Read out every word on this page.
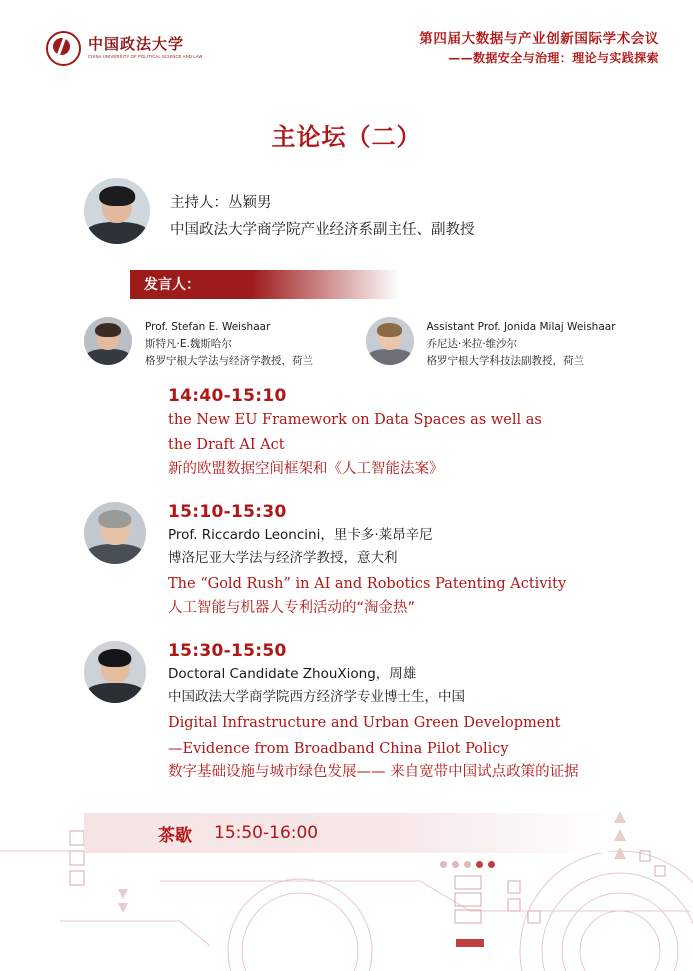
中国政法大学
CHINA UNIVERSITY OF POLITICAL SCIENCE AND LAW
第四届大数据与产业创新国际学术会议
——数据安全与治理：理论与实践探索
主论坛（二）
主持人：丛颖男
中国政法大学商学院产业经济系副主任、副教授
发言人：
Prof. Stefan E. Weishaar
斯特凡·E.魏斯哈尔
格罗宁根大学法与经济学教授，荷兰
Assistant Prof. Jonida Milaj Weishaar
乔尼达·米拉·维沙尔
格罗宁根大学科技法副教授，荷兰
14:40-15:10
the New EU Framework on Data Spaces as well as
the Draft AI Act
新的欧盟数据空间框架和《人工智能法案》
15:10-15:30
Prof. Riccardo Leoncini，里卡多·莱昂辛尼
博洛尼亚大学法与经济学教授，意大利
The “Gold Rush” in AI and Robotics Patenting Activity
人工智能与机器人专利活动的“淘金热”
15:30-15:50
Doctoral Candidate ZhouXiong，周雄
中国政法大学商学院西方经济学专业博士生，中国
Digital Infrastructure and Urban Green Development
—Evidence from Broadband China Pilot Policy
数字基础设施与城市绿色发展—— 来自宽带中国试点政策的证据
茶歇 15:50-16:00
